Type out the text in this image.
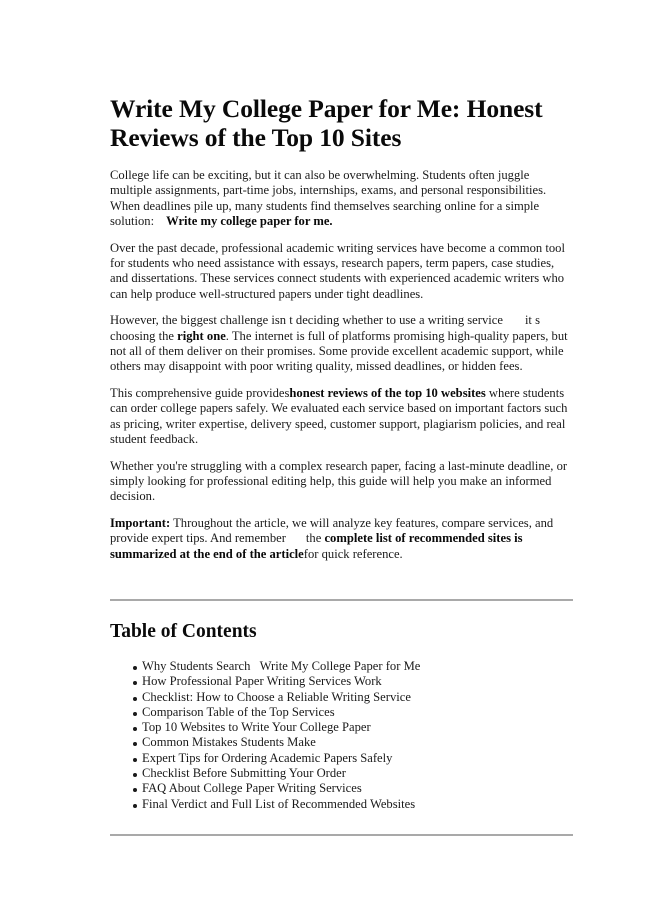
Write My College Paper for Me: Honest Reviews of the Top 10 Sites

College life can be exciting, but it can also be overwhelming. Students often juggle multiple assignments, part-time jobs, internships, exams, and personal responsibilities. When deadlines pile up, many students find themselves searching online for a simple solution: Write my college paper for me.

Over the past decade, professional academic writing services have become a common tool for students who need assistance with essays, research papers, term papers, case studies, and dissertations. These services connect students with experienced academic writers who can help produce well-structured papers under tight deadlines.

However, the biggest challenge isn t deciding whether to use a writing service it s choosing the right one. The internet is full of platforms promising high-quality papers, but not all of them deliver on their promises. Some provide excellent academic support, while others may disappoint with poor writing quality, missed deadlines, or hidden fees.

This comprehensive guide provideshonest reviews of the top 10 websites where students can order college papers safely. We evaluated each service based on important factors such as pricing, writer expertise, delivery speed, customer support, plagiarism policies, and real student feedback.

Whether you're struggling with a complex research paper, facing a last-minute deadline, or simply looking for professional editing help, this guide will help you make an informed decision.

Important: Throughout the article, we will analyze key features, compare services, and provide expert tips. And remember the complete list of recommended sites is summarized at the end of the articlefor quick reference.

Table of Contents
Why Students Search   Write My College Paper for Me
How Professional Paper Writing Services Work
Checklist: How to Choose a Reliable Writing Service
Comparison Table of the Top Services
Top 10 Websites to Write Your College Paper
Common Mistakes Students Make
Expert Tips for Ordering Academic Papers Safely
Checklist Before Submitting Your Order
FAQ About College Paper Writing Services
Final Verdict and Full List of Recommended Websites
